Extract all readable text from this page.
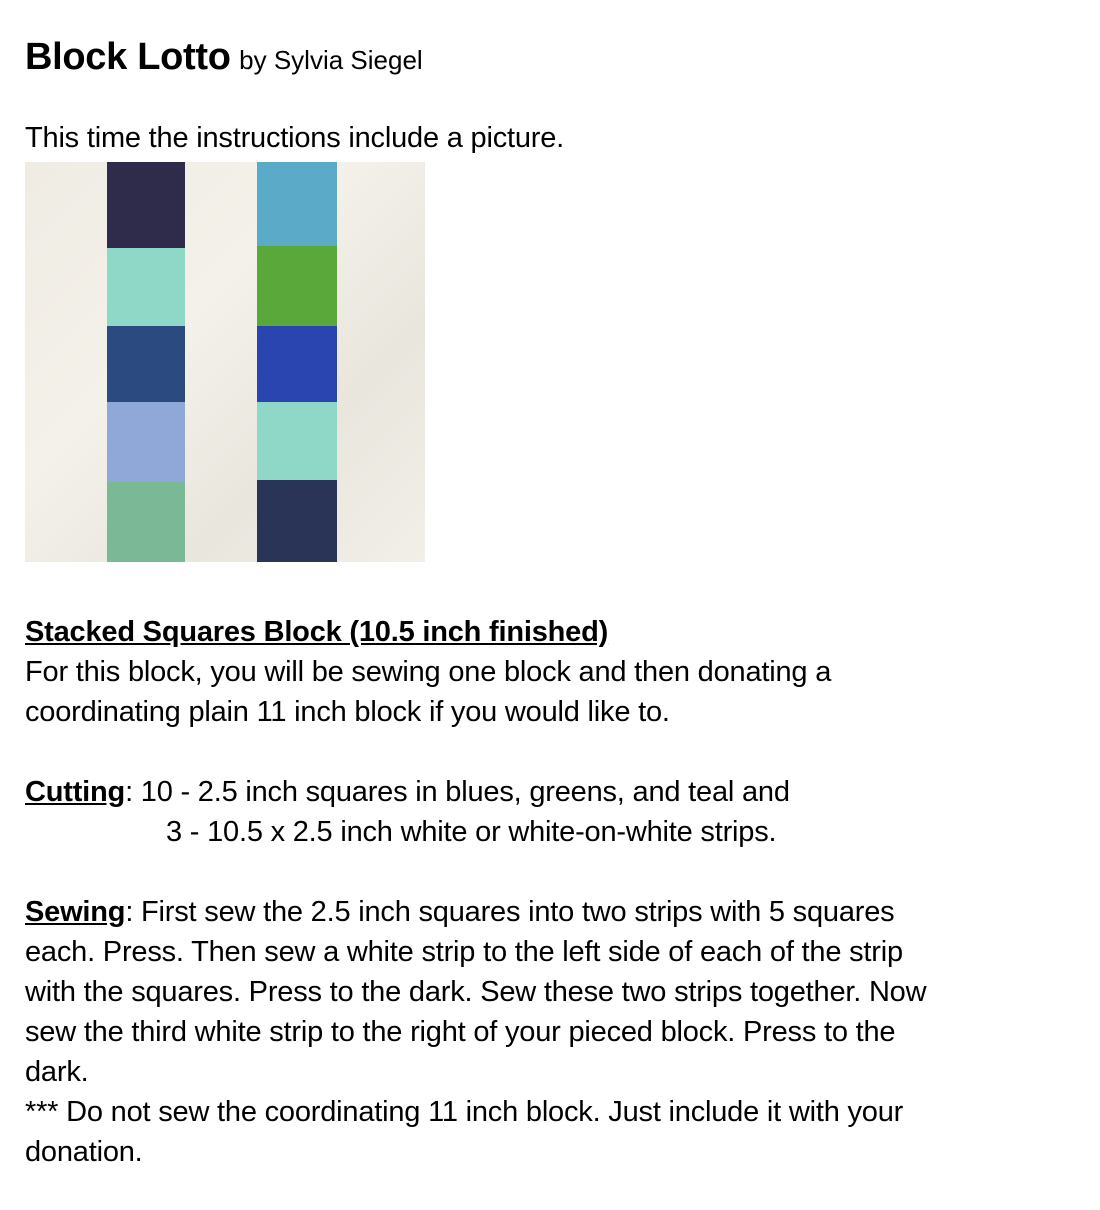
Block Lotto by Sylvia Siegel
This time the instructions include a picture.
Stacked Squares Block (10.5 inch finished)
For this block, you will be sewing one block and then donating a
coordinating plain 11 inch block if you would like to.
Cutting: 10 - 2.5 inch squares in blues, greens, and teal and
3 - 10.5 x 2.5 inch white or white-on-white strips.
Sewing: First sew the 2.5 inch squares into two strips with 5 squares
each. Press. Then sew a white strip to the left side of each of the strip
with the squares. Press to the dark. Sew these two strips together. Now
sew the third white strip to the right of your pieced block. Press to the
dark.
*** Do not sew the coordinating 11 inch block. Just include it with your
donation.
